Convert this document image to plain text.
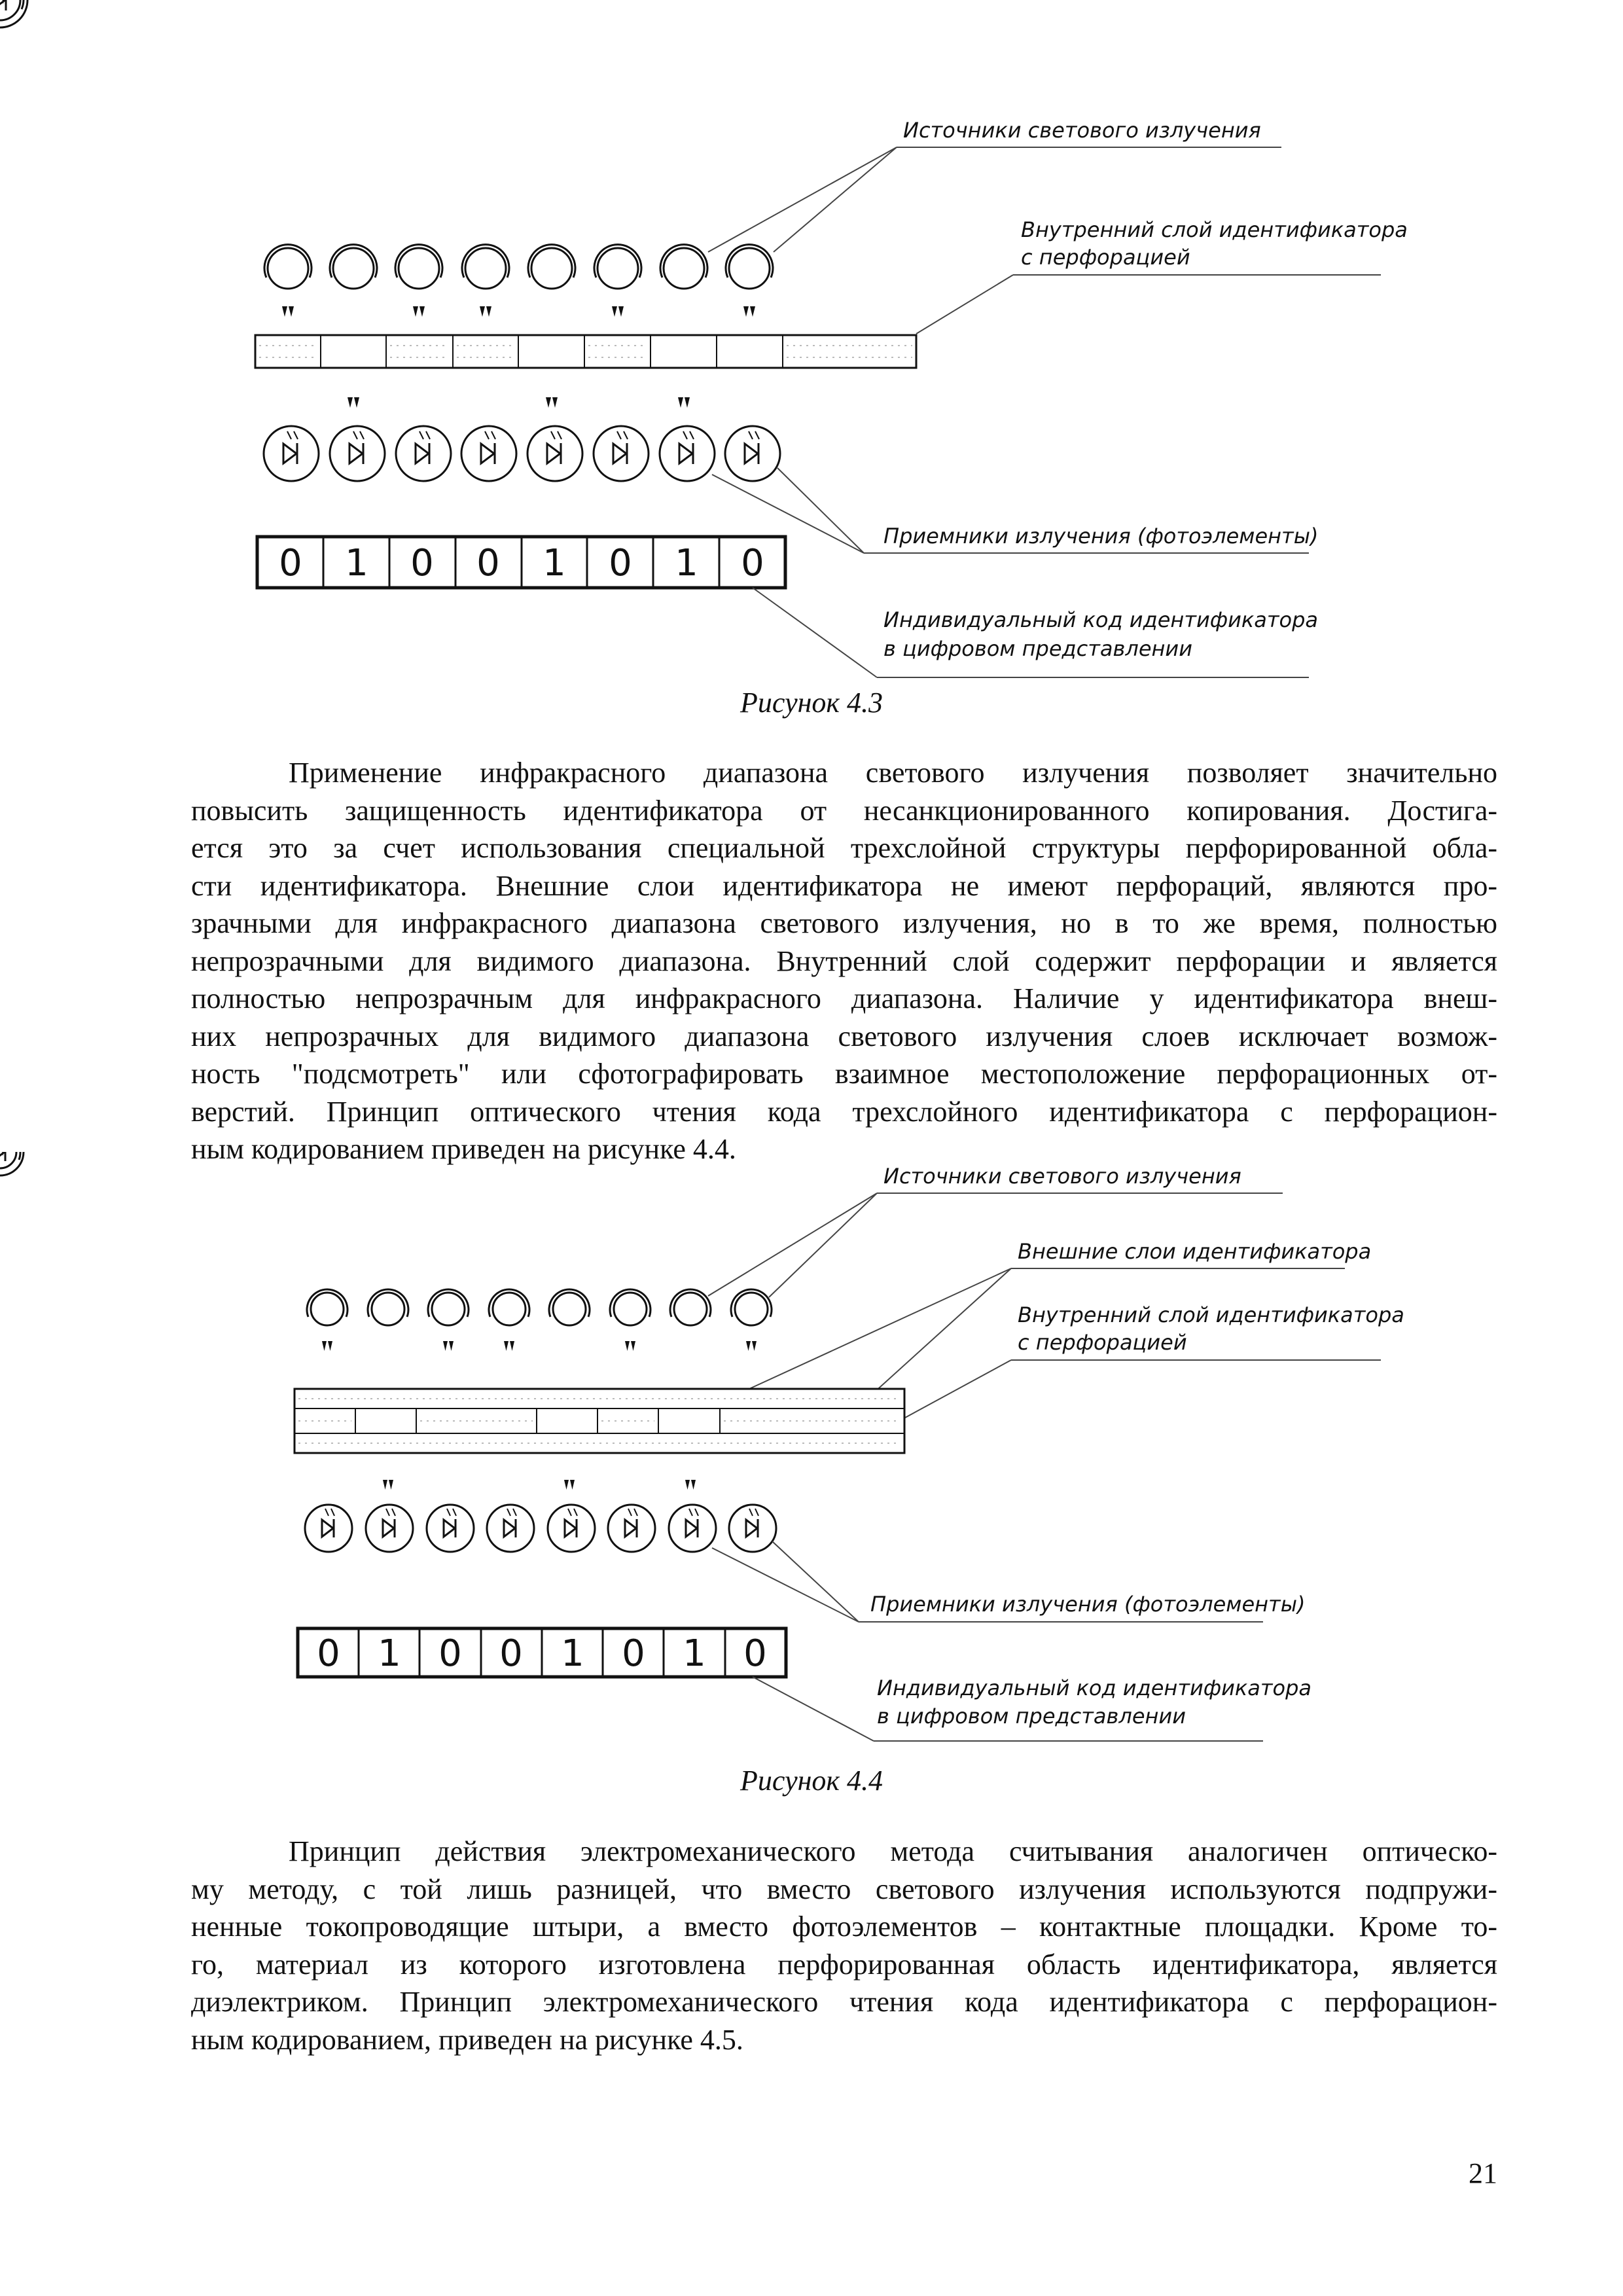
Источники светового излучения
Внутренний слой идентификатора
с перфорацией
Приемники излучения (фотоэлементы)
0 1 0 0 1 0 1 0
Индивидуальный код идентификатора
в цифровом представлении
Рисунок 4.3

Применение инфракрасного диапазона светового излучения позволяет значительно

повысить защищенность идентификатора от несанкционированного копирования. Достига-

ется это за счет использования специальной трехслойной структуры перфорированной обла-

сти идентификатора. Внешние слои идентификатора не имеют перфораций, являются про-

зрачными для инфракрасного диапазона светового излучения, но в то же время, полностью

непрозрачными для видимого диапазона. Внутренний слой содержит перфорации и является

полностью непрозрачным для инфракрасного диапазона. Наличие у идентификатора внеш-

них непрозрачных для видимого диапазона светового излучения слоев исключает возмож-

ность "подсмотреть" или сфотографировать взаимное местоположение перфорационных от-

верстий. Принцип оптического чтения кода трехслойного идентификатора с перфорацион-

ным кодированием приведен на рисунке 4.4.

Источники светового излучения
Внешние слои идентификатора
Внутренний слой идентификатора
с перфорацией
Приемники излучения (фотоэлементы)
0 1 0 0 1 0 1 0
Индивидуальный код идентификатора
в цифровом представлении
Рисунок 4.4

Принцип действия электромеханического метода считывания аналогичен оптическо-

му методу, с той лишь разницей, что вместо светового излучения используются подпружи-

ненные токопроводящие штыри, а вместо фотоэлементов – контактные площадки. Кроме то-

го, материал из которого изготовлена перфорированная область идентификатора, является

диэлектриком. Принцип электромеханического чтения кода идентификатора с перфорацион-

ным кодированием, приведен на рисунке 4.5.

21
